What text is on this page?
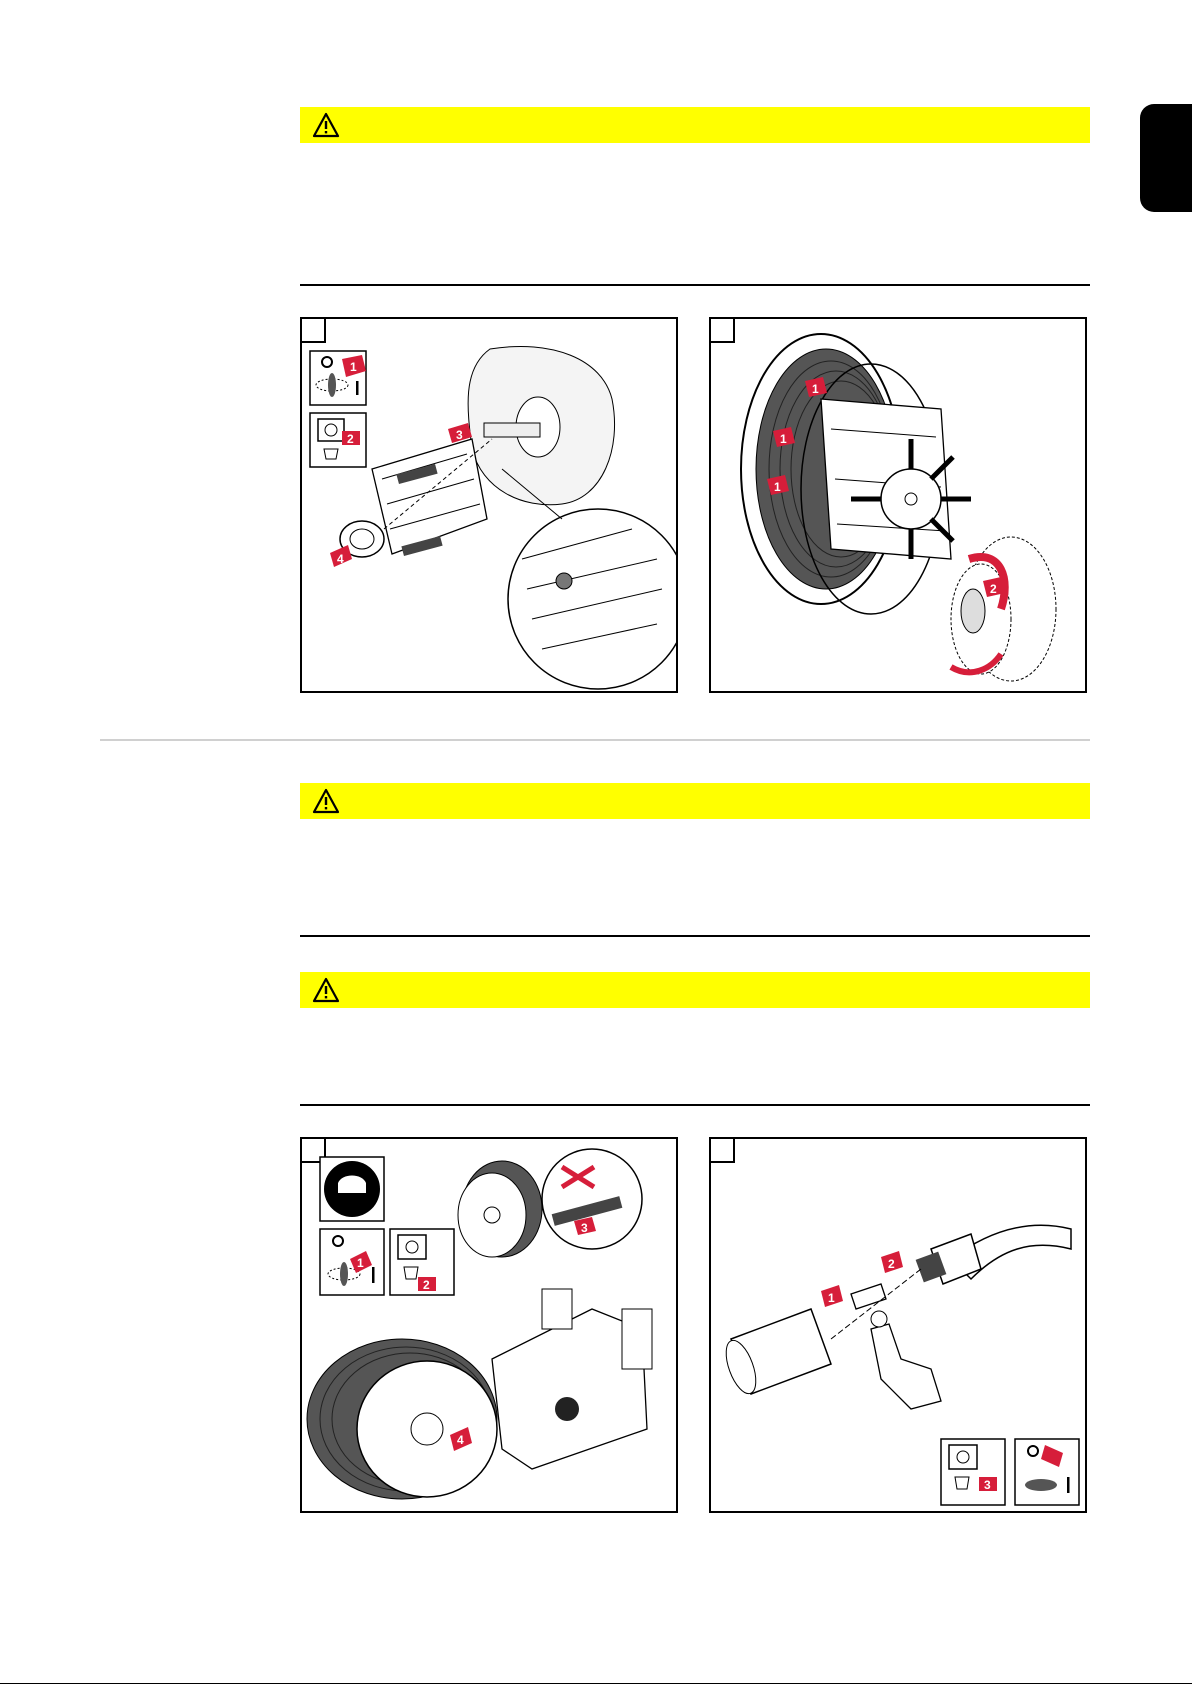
1
2	3
4
1
1
1
2
1
2
3
4
1
2
3
